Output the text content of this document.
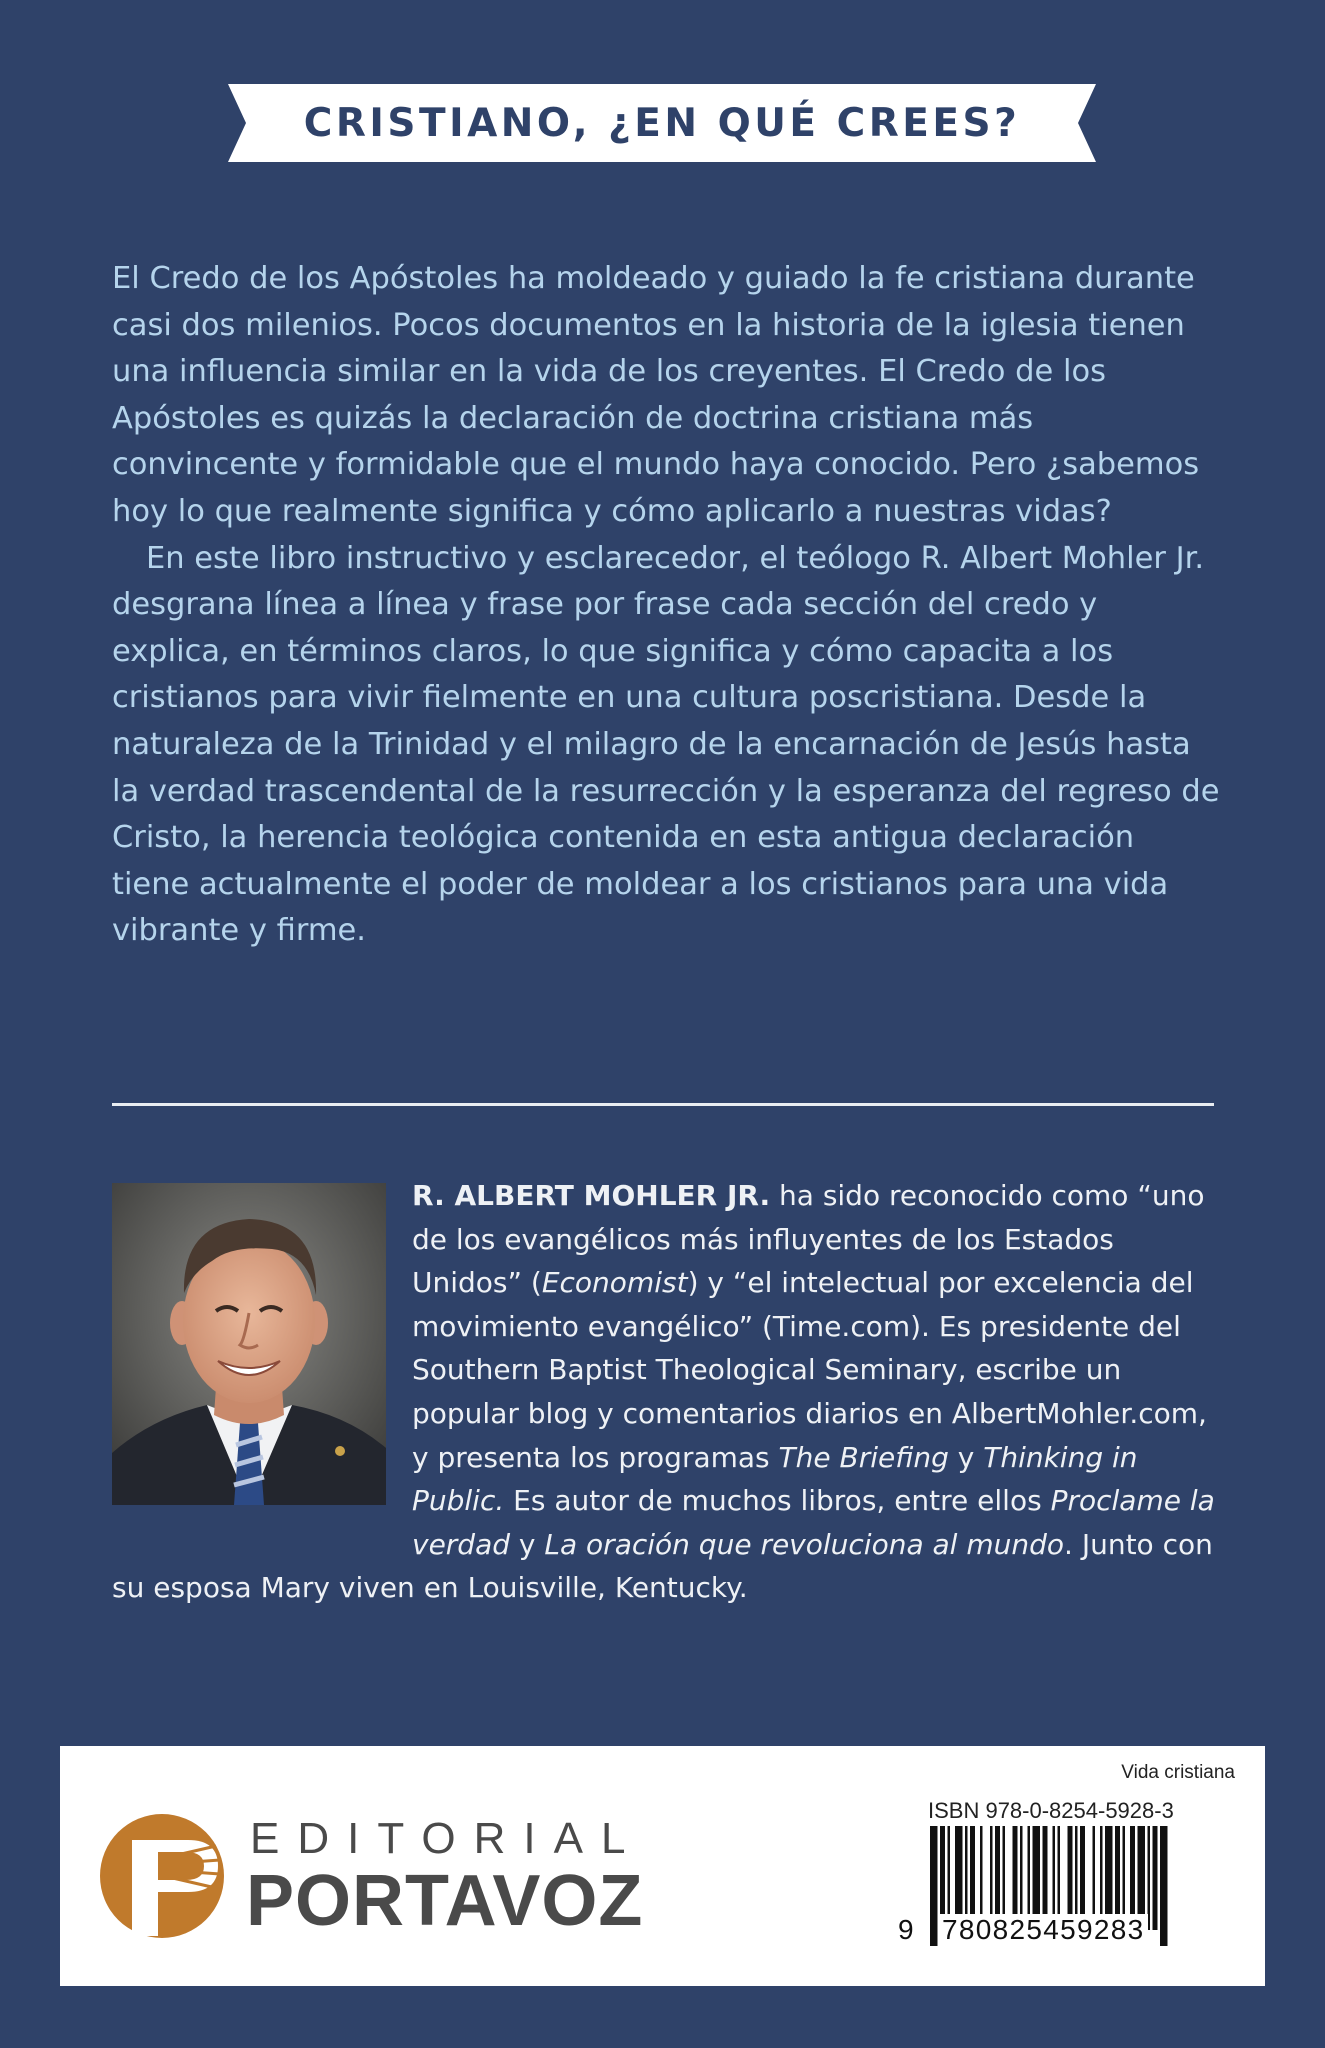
CRISTIANO, ¿EN QUÉ CREES?

El Credo de los Apóstoles ha moldeado y guiado la fe cristiana durante casi dos milenios. Pocos documentos en la historia de la iglesia tienen una influencia similar en la vida de los creyentes. El Credo de los Apóstoles es quizás la declaración de doctrina cristiana más convincente y formidable que el mundo haya conocido. Pero ¿sabemos hoy lo que realmente significa y cómo aplicarlo a nuestras vidas?

En este libro instructivo y esclarecedor, el teólogo R. Albert Mohler Jr. desgrana línea a línea y frase por frase cada sección del credo y explica, en términos claros, lo que significa y cómo capacita a los cristianos para vivir fielmente en una cultura poscristiana. Desde la naturaleza de la Trinidad y el milagro de la encarnación de Jesús hasta la verdad trascendental de la resurrección y la esperanza del regreso de Cristo, la herencia teológica contenida en esta antigua declaración tiene actualmente el poder de moldear a los cristianos para una vida vibrante y firme.

R. ALBERT MOHLER JR. ha sido reconocido como “uno de los evangélicos más influyentes de los Estados Unidos” (Economist) y “el intelectual por excelencia del movimiento evangélico” (Time.com). Es presidente del Southern Baptist Theological Seminary, escribe un popular blog y comentarios diarios en AlbertMohler.com, y presenta los programas The Briefing y Thinking in Public. Es autor de muchos libros, entre ellos Proclame la verdad y La oración que revoluciona al mundo. Junto con su esposa Mary viven en Louisville, Kentucky.

EDITORIAL
PORTAVOZ
Vida cristiana
ISBN 978-0-8254-5928-3
9 780825459283
